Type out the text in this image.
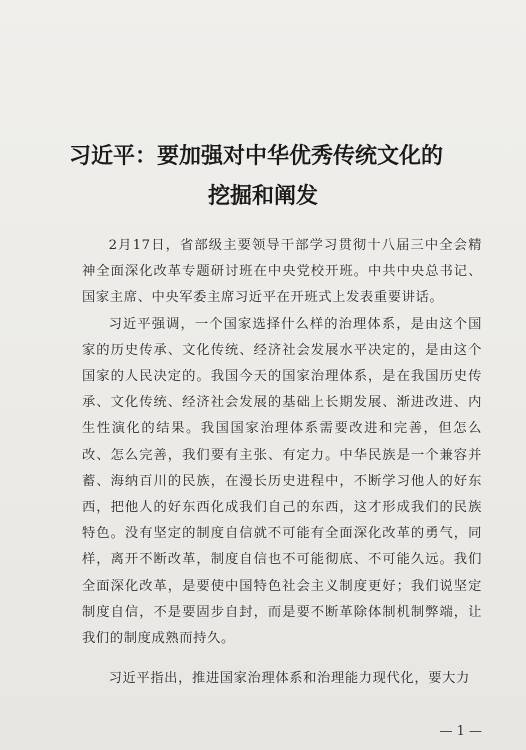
习近平：要加强对中华优秀传统文化的
挖掘和阐发

2月17日，省部级主要领导干部学习贯彻十八届三中全会精神全面深化改革专题研讨班在中央党校开班。中共中央总书记、国家主席、中央军委主席习近平在开班式上发表重要讲话。

习近平强调，一个国家选择什么样的治理体系，是由这个国家的历史传承、文化传统、经济社会发展水平决定的，是由这个国家的人民决定的。我国今天的国家治理体系，是在我国历史传承、文化传统、经济社会发展的基础上长期发展、渐进改进、内生性演化的结果。我国国家治理体系需要改进和完善，但怎么改、怎么完善，我们要有主张、有定力。中华民族是一个兼容并蓄、海纳百川的民族，在漫长历史进程中，不断学习他人的好东西，把他人的好东西化成我们自己的东西，这才形成我们的民族特色。没有坚定的制度自信就不可能有全面深化改革的勇气，同样，离开不断改革，制度自信也不可能彻底、不可能久远。我们全面深化改革，是要使中国特色社会主义制度更好；我们说坚定制度自信，不是要固步自封，而是要不断革除体制机制弊端，让我们的制度成熟而持久。

习近平指出，推进国家治理体系和治理能力现代化，要大力

— 1 —
